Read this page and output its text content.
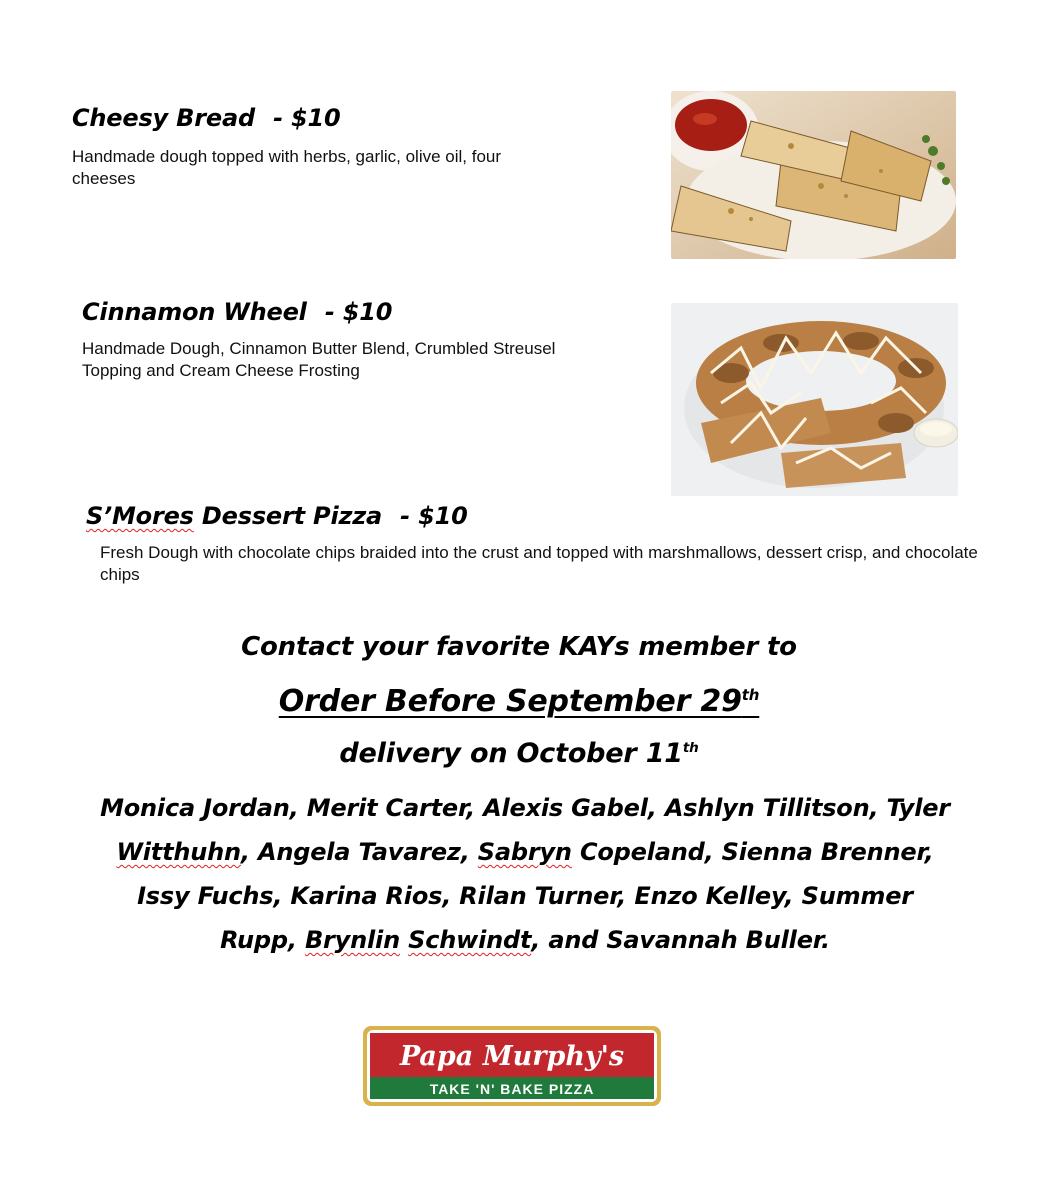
Cheesy Bread - $10
Handmade dough topped with herbs, garlic, olive oil, four cheeses
Cinnamon Wheel - $10
Handmade Dough, Cinnamon Butter Blend, Crumbled Streusel Topping and Cream Cheese Frosting
S’Mores Dessert Pizza - $10
Fresh Dough with chocolate chips braided into the crust and topped with marshmallows, dessert crisp, and chocolate chips
Contact your favorite KAYs member to
Order Before September 29th
delivery on October 11th
Monica Jordan, Merit Carter, Alexis Gabel, Ashlyn Tillitson, Tyler Witthuhn, Angela Tavarez, Sabryn Copeland, Sienna Brenner, Issy Fuchs, Karina Rios, Rilan Turner, Enzo Kelley, Summer Rupp, Brynlin Schwindt, and Savannah Buller.
Papa Murphy's
TAKE 'N' BAKE PIZZA
